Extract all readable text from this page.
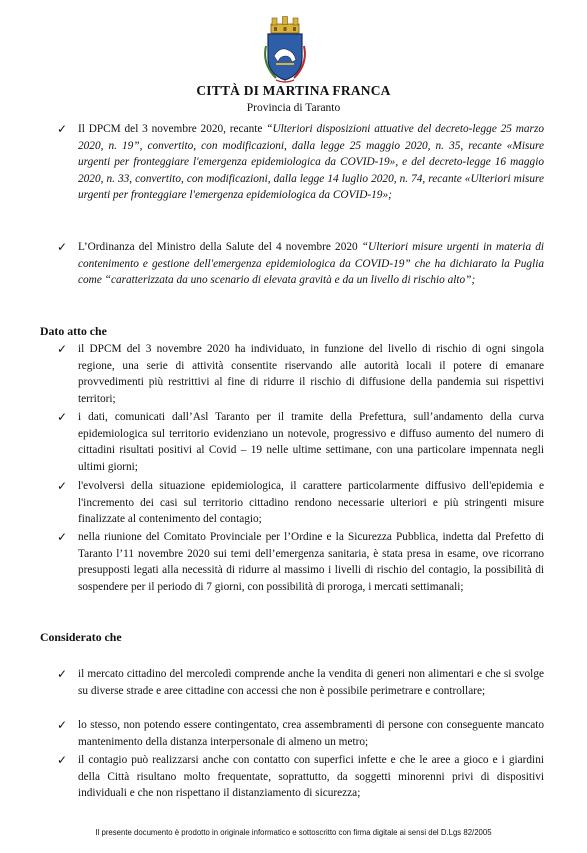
CITTÀ DI MARTINA FRANCA
Provincia di Taranto
✓ Il DPCM del 3 novembre 2020, recante “Ulteriori disposizioni attuative del decreto-legge 25 marzo 2020, n. 19”, convertito, con modificazioni, dalla legge 25 maggio 2020, n. 35, recante «Misure urgenti per fronteggiare l'emergenza epidemiologica da COVID-19», e del decreto-legge 16 maggio 2020, n. 33, convertito, con modificazioni, dalla legge 14 luglio 2020, n. 74, recante «Ulteriori misure urgenti per fronteggiare l'emergenza epidemiologica da COVID-19»;
✓ L’Ordinanza del Ministro della Salute del 4 novembre 2020 “Ulteriori misure urgenti in materia di contenimento e gestione dell'emergenza epidemiologica da COVID-19” che ha dichiarato la Puglia come “caratterizzata da uno scenario di elevata gravità e da un livello di rischio alto”;
Dato atto che
✓ il DPCM del 3 novembre 2020 ha individuato, in funzione del livello di rischio di ogni singola regione, una serie di attività consentite riservando alle autorità locali il potere di emanare provvedimenti più restrittivi al fine di ridurre il rischio di diffusione della pandemia sui rispettivi territori;
✓ i dati, comunicati dall’Asl Taranto per il tramite della Prefettura, sull’andamento della curva epidemiologica sul territorio evidenziano un notevole, progressivo e diffuso aumento del numero di cittadini risultati positivi al Covid – 19 nelle ultime settimane, con una particolare impennata negli ultimi giorni;
✓ l'evolversi della situazione epidemiologica, il carattere particolarmente diffusivo dell'epidemia e l'incremento dei casi sul territorio cittadino rendono necessarie ulteriori e più stringenti misure finalizzate al contenimento del contagio;
✓ nella riunione del Comitato Provinciale per l’Ordine e la Sicurezza Pubblica, indetta dal Prefetto di Taranto l’11 novembre 2020 sui temi dell’emergenza sanitaria, è stata presa in esame, ove ricorrano presupposti legati alla necessità di ridurre al massimo i livelli di rischio del contagio, la possibilità di sospendere per il periodo di 7 giorni, con possibilità di proroga, i mercati settimanali;
Considerato che
✓ il mercato cittadino del mercoledì comprende anche la vendita di generi non alimentari e che si svolge su diverse strade e aree cittadine con accessi che non è possibile perimetrare e controllare;
✓ lo stesso, non potendo essere contingentato, crea assembramenti di persone con conseguente mancato mantenimento della distanza interpersonale di almeno un metro;
✓ il contagio può realizzarsi anche con contatto con superfici infette e che le aree a gioco e i giardini della Città risultano molto frequentate, soprattutto, da soggetti minorenni privi di dispositivi individuali e che non rispettano il distanziamento di sicurezza;
Il presente documento è prodotto in originale informatico e sottoscritto con firma digitale ai sensi del D.Lgs 82/2005
